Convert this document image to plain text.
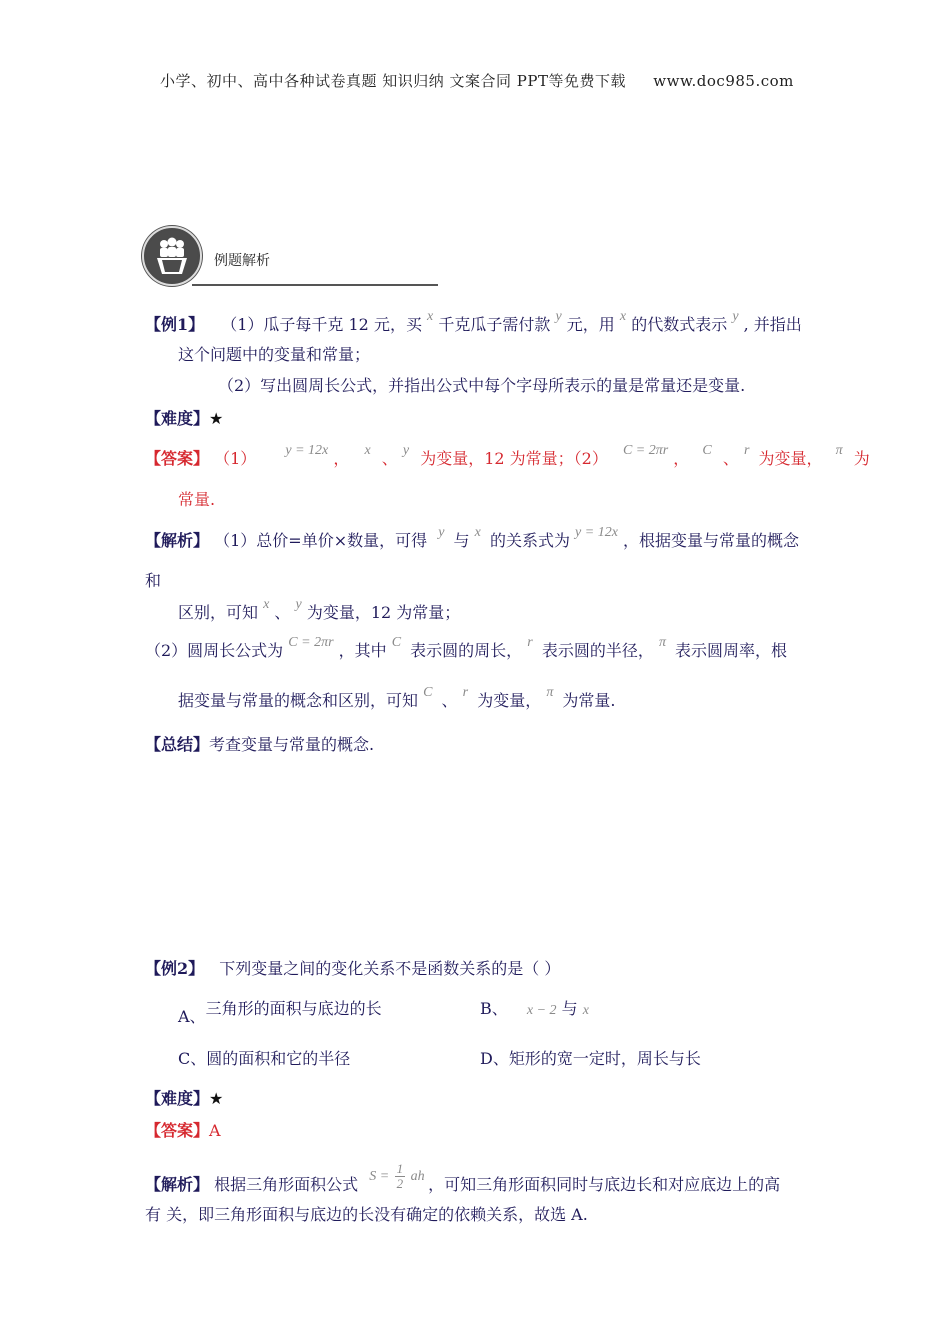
小学、初中、高中各种试卷真题 知识归纳 文案合同 PPT等免费下载 www.doc985.com
例题解析
【例1】 （1）瓜子每千克 12 元，买 x 千克瓜子需付款 y 元，用 x 的代数式表示 y , 并指出
这个问题中的变量和常量；
（2）写出圆周长公式，并指出公式中每个字母所表示的量是常量还是变量.
【难度】★
【答案】 （1） y = 12x ， x 、 y 为变量，12 为常量；（2） C = 2πr ， C 、 r 为变量， π 为
常量.
【解析】 （1）总价=单价×数量，可得 y 与 x 的关系式为 y = 12x ，根据变量与常量的概念
和
区别，可知 x 、 y 为变量，12 为常量；
（2）圆周长公式为 C = 2πr ，其中 C 表示圆的周长， r 表示圆的半径， π 表示圆周率，根
据变量与常量的概念和区别，可知 C 、 r 为变量， π 为常量.
【总结】考查变量与常量的概念.
【例2】 下列变量之间的变化关系不是函数关系的是（ ）
A、三角形的面积与底边的长	B、 x − 2 与 x
C、圆的面积和它的半径	D、矩形的宽一定时，周长与长
【难度】★
【答案】A
【解析】 根据三角形面积公式 $S = \frac{1}{2}$ ah ，可知三角形面积同时与底边长和对应底边上的高
有 关，即三角形面积与底边的长没有确定的依赖关系，故选 A.
